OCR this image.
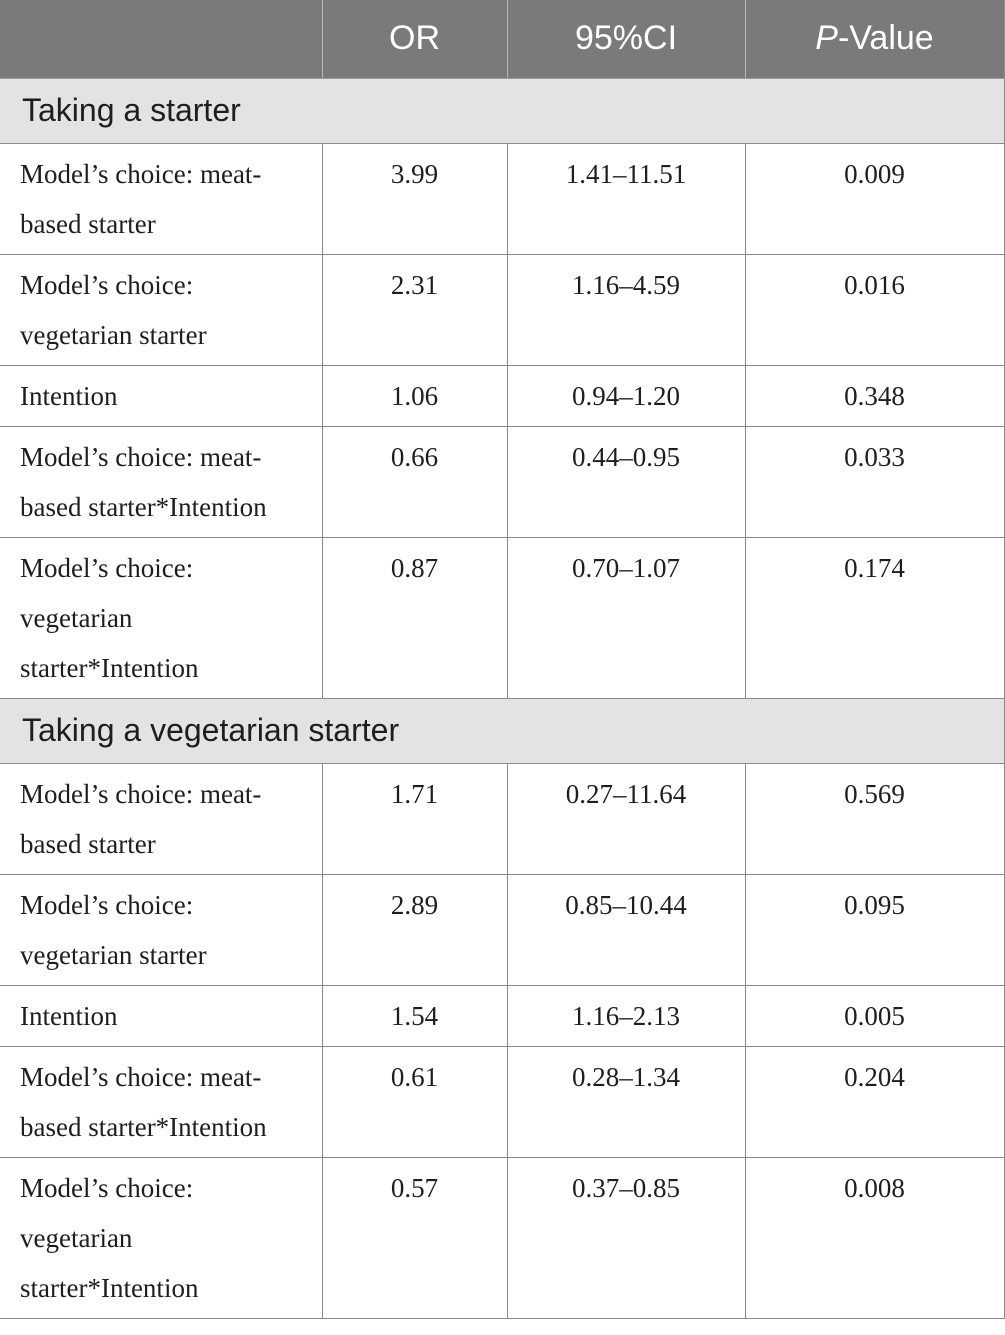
	OR	95%CI	P-Value
Taking a starter			
Model’s choice: meat-based starter	3.99	1.41–11.51	0.009
Model’s choice: vegetarian starter	2.31	1.16–4.59	0.016
Intention	1.06	0.94–1.20	0.348
Model’s choice: meat-based starter*Intention	0.66	0.44–0.95	0.033
Model’s choice: vegetarian starter*Intention	0.87	0.70–1.07	0.174
Taking a vegetarian starter			
Model’s choice: meat-based starter	1.71	0.27–11.64	0.569
Model’s choice: vegetarian starter	2.89	0.85–10.44	0.095
Intention	1.54	1.16–2.13	0.005
Model’s choice: meat-based starter*Intention	0.61	0.28–1.34	0.204
Model’s choice: vegetarian starter*Intention	0.57	0.37–0.85	0.008
